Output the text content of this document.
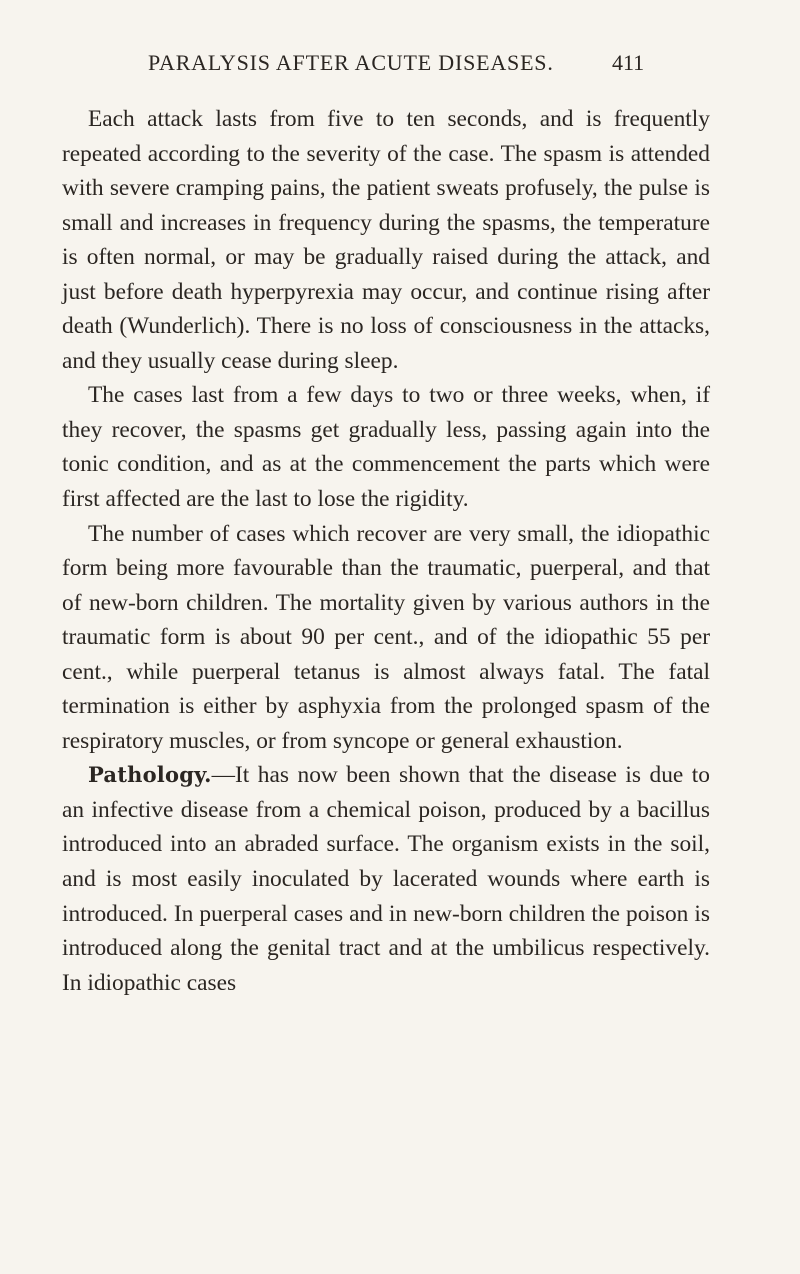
PARALYSIS AFTER ACUTE DISEASES.	411

Each attack lasts from five to ten seconds, and is frequently repeated according to the severity of the case. The spasm is attended with severe cramping pains, the patient sweats profusely, the pulse is small and increases in frequency during the spasms, the temperature is often normal, or may be gradually raised during the attack, and just before death hyperpyrexia may occur, and continue rising after death (Wunderlich). There is no loss of consciousness in the attacks, and they usually cease during sleep.

The cases last from a few days to two or three weeks, when, if they recover, the spasms get gradually less, passing again into the tonic condition, and as at the commencement the parts which were first affected are the last to lose the rigidity.

The number of cases which recover are very small, the idiopathic form being more favourable than the traumatic, puerperal, and that of new-born children. The mortality given by various authors in the traumatic form is about 90 per cent., and of the idiopathic 55 per cent., while puerperal tetanus is almost always fatal. The fatal termination is either by asphyxia from the prolonged spasm of the respiratory muscles, or from syncope or general exhaustion.

Pathology.—It has now been shown that the disease is due to an infective disease from a chemical poison, produced by a bacillus introduced into an abraded surface. The organism exists in the soil, and is most easily inoculated by lacerated wounds where earth is introduced. In puerperal cases and in new-born children the poison is introduced along the genital tract and at the umbilicus respectively. In idiopathic cases
